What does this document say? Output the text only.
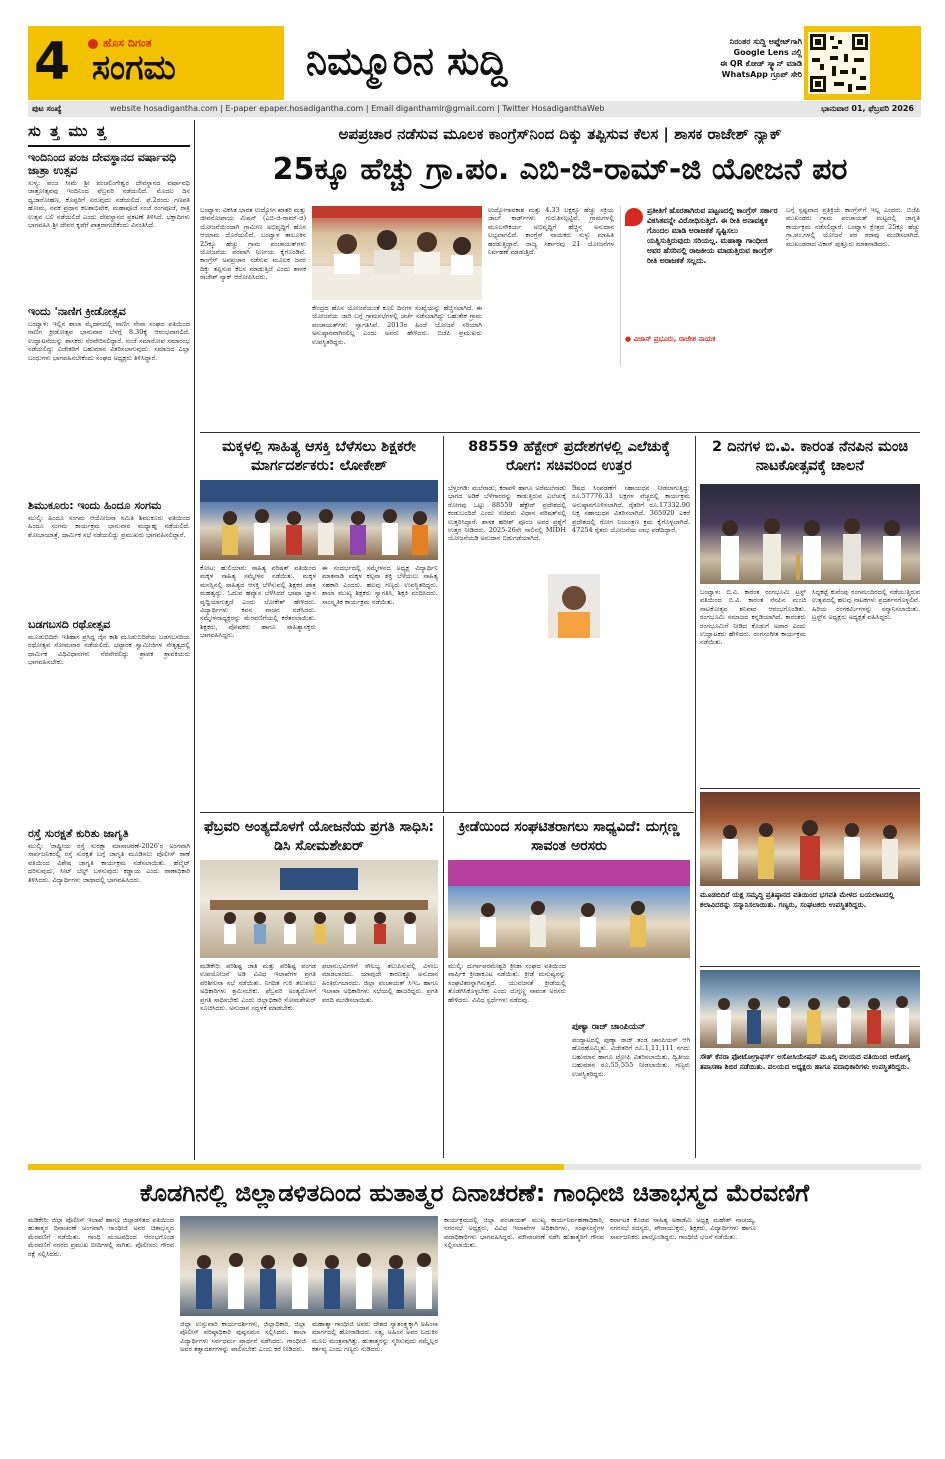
4	ಹೊಸ ದಿಗಂತ
ಸಂಗಮ	ನಿಮ್ಮೂರಿನ ಸುದ್ದಿ	ನಿರಂತರ ಸುದ್ದಿ ಅಪ್ಡೇಟ್‌ಗಾಗಿ
Google Lens ನಲ್ಲಿ
ಈ QR ಕೋಡ್ ಸ್ಕ್ಯಾನ್ ಮಾಡಿ
WhatsApp ಗ್ರೂಪ್ ಸೇರಿ
ಪುಟ ಸಂಖ್ಯೆ	website hosadigantha.com | E-paper epaper.hosadigantha.com | Email diganthamlr@gmail.com | Twitter HosadiganthaWeb	ಭಾನುವಾರ 01, ಫೆಬ್ರವರಿ 2026
ಸು ತ್ತ ಮು ತ್ತ
ಇಂದಿನಿಂದ ಪಂಜ ದೇವಸ್ಥಾನದ ವರ್ಷಾವಧಿ ಜಾತ್ರಾ ಉತ್ಸವ
ಸುಳ್ಯ: ಪಂಜ ಸೀಮೆ ಶ್ರೀ ಪಂಚಲಿಂಗೇಶ್ವರ ದೇವಸ್ಥಾನದ ವರ್ಷಾವಧಿ ಜಾತ್ರೋತ್ಸವವು ಇಂದಿನಿಂದ ಫೆಬ್ರವರಿ ನಡೆಯಲಿದೆ. ಮೊದಲ ದಿನ ಧ್ವಜಾರೋಹಣ, ಕೊಪ್ಪರಿಗೆ ಏರುವುದು ನಡೆಯಲಿದೆ. ಫೆ.2ರಂದು ಗಣಪತಿ ಹೋಮ, ನವಕ ಪ್ರಧಾನ ಕಲಶಾಭಿಷೇಕ, ಮಹಾಪೂಜೆ ಸಂಜೆ ರಂಗಪೂಜೆ, ರಾತ್ರಿ ಉತ್ಸವ ಬಲಿ ನಡೆಯಲಿದೆ ಎಂದು ದೇವಸ್ಥಾನದ ಪ್ರಕಟಣೆ ತಿಳಿಸಿದೆ. ಭಕ್ತಾದಿಗಳು ಭಾಗವಹಿಸಿ ಶ್ರೀ ದೇವರ ಕೃಪೆಗೆ ಪಾತ್ರರಾಗಬೇಕೆಂದು ವಿನಂತಿಸಿದೆ.
ಇಂದು 'ನಾಣಿಗ ಕ್ರೀಡೋತ್ಸವ
ಬಂಟ್ವಾಳ: ಇಲ್ಲಿನ ಶಾಲಾ ಮೈದಾನದಲ್ಲಿ ನಾಣಿಗ ಸೇವಾ ಸಂಘದ ವತಿಯಿಂದ ನಾಣಿಗ ಕ್ರೀಡೋತ್ಸವ ಭಾನುವಾರ ಬೆಳಗ್ಗೆ 8.30ಕ್ಕೆ ಆರಂಭವಾಗಲಿದೆ. ಉದ್ಘಾಟನೆಯನ್ನು ಶಾಸಕರು ನೆರವೇರಿಸಲಿದ್ದಾರೆ. ಸಂಜೆ ಸಮಾರೋಪ ಸಮಾರಂಭ ನಡೆಯಲಿದ್ದು ವಿಜೇತರಿಗೆ ಬಹುಮಾನ ವಿತರಿಸಲಾಗುವುದು. ಸಮಾಜದ ಎಲ್ಲಾ ಬಂಧುಗಳು ಭಾಗವಹಿಸಬೇಕೆಂದು ಸಂಘದ ಅಧ್ಯಕ್ಷರು ತಿಳಿಸಿದ್ದಾರೆ.
ಶಿಮುಕೂರು: ಇಂದು ಹಿಂದೂ ಸಂಗಮ
ಮುಲ್ಕಿ: ಹಿಂದೂ ಸಂಗಮ ಆಯೋಜನಾ ಸಮಿತಿ ಶಿಮುಕೂರು ವತಿಯಿಂದ ಹಿಂದೂ ಸಂಗಮ ಕಾರ್ಯಕ್ರಮ ಭಾನುವಾರ ಮಧ್ಯಾಹ್ನ ನಡೆಯಲಿದೆ. ಶೋಭಾಯಾತ್ರೆ, ಧಾರ್ಮಿಕ ಸಭೆ ನಡೆಯಲಿದ್ದು ಪ್ರಮುಖರು ಭಾಗವಹಿಸಲಿದ್ದಾರೆ.
ಬಡಗಬಸದಿ ರಥೋತ್ಸವ
ಮೂಡುಬಿದಿರೆ: ಇತಿಹಾಸ ಪ್ರಸಿದ್ಧ ಜೈನ ಕಾಶಿ ಮೂಡುಬಿದಿರೆಯ ಬಡಗಬಸದಿಯ ರಥೋತ್ಸವ ಸೋಮವಾರ ನಡೆಯಲಿದೆ. ಭಟ್ಟಾರಕ ಸ್ವಾಮೀಜಿಗಳ ನೇತೃತ್ವದಲ್ಲಿ ಧಾರ್ಮಿಕ ವಿಧಿವಿಧಾನಗಳು ನೆರವೇರಲಿದ್ದು ಶ್ರಾವಕ ಶ್ರಾವಕಿಯರು ಭಾಗವಹಿಸಬೇಕು.
ರಸ್ತೆ ಸುರಕ್ಷತೆ ಕುರಿತು ಜಾಗೃತಿ
ಮುಲ್ಕಿ: 'ರಾಷ್ಟ್ರೀಯ ರಸ್ತೆ ಸುರಕ್ಷಾ ಮಾಸಾಚರಣೆ-2026'ರ ಅಂಗವಾಗಿ ಸಾರ್ವಜನಿಕರಲ್ಲಿ ರಸ್ತೆ ಸುರಕ್ಷತೆ ಬಗ್ಗೆ ಜಾಗೃತಿ ಮೂಡಿಸಲು ಪೊಲೀಸ್ ಠಾಣೆ ವತಿಯಿಂದ ವಿಶೇಷ ಜಾಗೃತಿ ಕಾರ್ಯಕ್ರಮ ನಡೆಸಲಾಯಿತು. ಹೆಲ್ಮೆಟ್ ಧರಿಸುವುದು, ಸೀಟ್ ಬೆಲ್ಟ್ ಬಳಸುವುದು ಕಡ್ಡಾಯ ಎಂದು ಠಾಣಾಧಿಕಾರಿ ತಿಳಿಸಿದರು. ವಿದ್ಯಾರ್ಥಿಗಳು ಜಾಥಾದಲ್ಲಿ ಭಾಗವಹಿಸಿದರು.
ಅಪಪ್ರಚಾರ ನಡೆಸುವ ಮೂಲಕ ಕಾಂಗ್ರೆಸ್‌ನಿಂದ ದಿಕ್ಕು ತಪ್ಪಿಸುವ ಕೆಲಸ | ಶಾಸಕ ರಾಜೇಶ್ ನ್ಯಾಕ್
25ಕ್ಕೂ ಹೆಚ್ಚು ಗ್ರಾ.ಪಂ. ಎಬಿ-ಜಿ-ರಾಮ್-ಜಿ ಯೋಜನೆ ಪರ
ಬಂಟ್ವಾಳ: ವಿಕಸಿತ ಭಾರತ ಉದ್ಯೋಗ ಖಾತರಿ ಮತ್ತು ಜೀವನೋಪಾಯ ಮಿಷನ್ (ಎಬಿ-ಜಿ-ರಾಮ್-ಜಿ) ಯೋಜನೆಯಿಂದಾಗಿ ಗ್ರಾಮೀಣ ಅಭಿವೃದ್ಧಿಗೆ ಹೊಸ ಆಯಾಮ ದೊರೆಯಲಿದೆ. ಬಂಟ್ವಾಳ ತಾಲೂಕಿನ 25ಕ್ಕೂ ಹೆಚ್ಚು ಗ್ರಾಮ ಪಂಚಾಯತ್‌ಗಳು ಯೋಜನೆಯ ಪರವಾಗಿ ನಿರ್ಣಯ ಕೈಗೊಂಡಿವೆ. ಕಾಂಗ್ರೆಸ್ ಅಪಪ್ರಚಾರ ನಡೆಸುವ ಮೂಲಕ ಜನರ ದಿಕ್ಕು ತಪ್ಪಿಸುವ ಕೆಲಸ ಮಾಡುತ್ತಿದೆ ಎಂದು ಶಾಸಕ ರಾಜೇಶ್ ನ್ಯಾಕ್ ಆರೋಪಿಸಿದರು.
ಕೇಂದ್ರದ ಹೊಸ ಯೋಜನೆಯಂತೆ ಕೂಲಿ ದಿನಗಳ ಸಂಖ್ಯೆಯನ್ನು ಹೆಚ್ಚಿಸಲಾಗಿದೆ. ಈ ಯೋಜನೆಯ ಜಾರಿ ಬಗ್ಗೆ ಗ್ರಾಮಸಭೆಗಳಲ್ಲಿ ಚರ್ಚೆ ನಡೆಸಲಾಗಿದ್ದು ಬಹುತೇಕ ಗ್ರಾಮ ಪಂಚಾಯತ್‌ಗಳು ಸ್ವಾಗತಿಸಿವೆ. 2013ರ ಹಿಂದೆ ಯೋಜನೆ ಸರಿಯಾಗಿ ಅನುಷ್ಠಾನವಾಗಿರಲಿಲ್ಲ ಎಂದು ಅವರು ಹೇಳಿದರು. ಬಿಜೆಪಿ ಪ್ರಮುಖರು ಉಪಸ್ಥಿತರಿದ್ದರು.
ಉದ್ಯೋಗಾವಕಾಶ ಮತ್ತು 4.33 ಲಕ್ಷಕ್ಕೂ ಹೆಚ್ಚು ಸಕ್ರಿಯ ಜಾಬ್ ಕಾರ್ಡ್‌ಗಳು ಗುರುತಿಸಲ್ಪಟ್ಟಿವೆ. ಗ್ರಾಮಗಳಲ್ಲಿ ಮೂಲಸೌಕರ್ಯ ಅಭಿವೃದ್ಧಿಗೆ ಹೆಚ್ಚಿನ ಅನುದಾನ ಲಭ್ಯವಾಗಲಿದೆ. ಕಾಂಗ್ರೆಸ್ ನಾಯಕರು ಸುಳ್ಳು ಮಾಹಿತಿ ಹರಡುತ್ತಿದ್ದಾರೆ. ರಾಜ್ಯ ಸರ್ಕಾರವು 21 ಯೋಜನೆಗಳ ನಿರ್ವಹಣೆ ಮಾಡುತ್ತಿದೆ.
ಪ್ರತೀತಿಗೆ ಹೊರತಾಗಿರುವ ಪಟ್ಟಣದಲ್ಲಿ ಕಾಂಗ್ರೆಸ್ ಸರ್ಕಾರ ವಿಕಸಿತವನ್ನೇ ವಿರೋಧಿಸುತ್ತಿದೆ. ಈ ರೀತಿ ಅನಾವಶ್ಯಕ ಗೊಂದಲ ಮಾಡಿ ಅರಾಜಕತೆ ಸೃಷ್ಟಿಸಲು ಯತ್ನಿಸುತ್ತಿರುವುದು ಸರಿಯಲ್ಲ. ಮಹಾತ್ಮಾ ಗಾಂಧೀಜಿ ಅವರ ಹೆಸರಿನಲ್ಲಿ ರಾಜಕೀಯ ಮಾಡುತ್ತಿರುವ ಕಾಂಗ್ರೆಸ್ ರೀತಿ ಅರಾಜಕತೆ ಸಲ್ಲದು.
● ವಿಜಾನ್ ಪ್ರಭೂರು, ರಾಜೇಶ ನಾಯಕ
ಬಗ್ಗೆ ಸ್ಪಷ್ಟವಾದ ಪ್ರತಿಕ್ರಿಯೆ ಕಾಂಗ್ರೆಸ್‌ಗೆ ಇಲ್ಲ ಎಂದರು. ಬಿಜೆಪಿ ಮುಖಂಡರು ಗ್ರಾಮ ಪಂಚಾಯತ್ ಮಟ್ಟದಲ್ಲಿ ಜಾಗೃತಿ ಕಾರ್ಯಕ್ರಮ ನಡೆಸಲಿದ್ದಾರೆ. ಬಂಟ್ವಾಳ ಕ್ಷೇತ್ರದ 25ಕ್ಕೂ ಹೆಚ್ಚು ಗ್ರಾ.ಪಂ.ಗಳಲ್ಲಿ ಯೋಜನೆ ಪರ ಠರಾವು ಮಂಡಿಸಲಾಗಿದೆ. ಮುಖಂಡರಾದ ವಿಕಾಸ್ ಪುತ್ತೂರು ಮಾತನಾಡಿದರು.
ಮಕ್ಕಳಲ್ಲಿ ಸಾಹಿತ್ಯ ಆಸಕ್ತಿ ಬೆಳೆಸಲು ಶಿಕ್ಷಕರೇ ಮಾರ್ಗದರ್ಶಕರು: ಲೋಕೇಶ್
ಕೋಟ: ಹುಲಿಯಾರು ಸಾಹಿತ್ಯ ಪರಿಷತ್ ವತಿಯಿಂದ ಮಕ್ಕಳ ಸಾಹಿತ್ಯ ಸಮ್ಮೇಳನ ನಡೆಯಿತು. ಮಕ್ಕಳ ಮನಸ್ಸಿನಲ್ಲಿ ಸಾಹಿತ್ಯದ ಆಸಕ್ತಿ ಬೆಳೆಸುವಲ್ಲಿ ಶಿಕ್ಷಕರ ಪಾತ್ರ ಮಹತ್ವದ್ದು. ಓದುವ ಹವ್ಯಾಸ ಬೆಳೆಸಿದರೆ ಭಾಷಾ ಜ್ಞಾನ ವೃದ್ಧಿಯಾಗುತ್ತದೆ ಎಂದು ಲೋಕೇಶ್ ಹೇಳಿದರು. ವಿದ್ಯಾರ್ಥಿಗಳು ಕವನ ವಾಚನ ನಡೆಸಿದರು. ಸಮ್ಮೇಳನಾಧ್ಯಕ್ಷರನ್ನು ಮೆರವಣಿಗೆಯಲ್ಲಿ ಕರೆತರಲಾಯಿತು. ಶಿಕ್ಷಕರು, ಪೋಷಕರು ಹಾಗೂ ಸಾಹಿತ್ಯಾಸಕ್ತರು ಭಾಗವಹಿಸಿದ್ದರು.
ಈ ಸಂದರ್ಭದಲ್ಲಿ ಸಮ್ಮೇಳನದ ಅಧ್ಯಕ್ಷ ವಿದ್ಯಾರ್ಥಿನಿ ಮಾತನಾಡಿ ಮಕ್ಕಳ ಕಲ್ಪನಾ ಶಕ್ತಿ ಬೆಳೆಯಲು ಸಾಹಿತ್ಯ ಸಹಕಾರಿ ಎಂದರು. ಹಲವು ಗಣ್ಯರು ಉಪಸ್ಥಿತರಿದ್ದರು. ಶಾಲಾ ಮುಖ್ಯ ಶಿಕ್ಷಕರು ಸ್ವಾಗತಿಸಿ, ಶಿಕ್ಷಕಿ ವಂದಿಸಿದರು. ಸಾಂಸ್ಕೃತಿಕ ಕಾರ್ಯಕ್ರಮ ನಡೆಯಿತು.
88559 ಹೆಕ್ಟೇರ್ ಪ್ರದೇಶಗಳಲ್ಲಿ ಎಲೆಚುಕ್ಕೆ ರೋಗ: ಸಚಿವರಿಂದ ಉತ್ತರ
ಬೆಳ್ತಂಗಡಿ: ಮಲೆನಾಡು, ಕರಾವಳಿ ಹಾಗೂ ಅರೆಮಲೆನಾಡು ಭಾಗದ ಅಡಿಕೆ ಬೆಳೆಗಾರರನ್ನು ಕಾಡುತ್ತಿರುವ ಎಲೆಚುಕ್ಕೆ ರೋಗವು ಒಟ್ಟು 88559 ಹೆಕ್ಟೇರ್ ಪ್ರದೇಶದಲ್ಲಿ ಕಂಡುಬಂದಿದೆ ಎಂದು ಸಚಿವರು ವಿಧಾನ ಪರಿಷತ್‌ನಲ್ಲಿ ಉತ್ತರಿಸಿದ್ದಾರೆ. ಶಾಸಕ ಹರೀಶ್ ಪೂಂಜ ಅವರ ಪ್ರಶ್ನೆಗೆ ಉತ್ತರ ನೀಡಿದರು. 2025-26ನೇ ಸಾಲಿನಲ್ಲಿ MIDH ಯೋಜನೆಯಡಿ ಅನುದಾನ ಬಿಡುಗಡೆಯಾಗಿದೆ.
ಔಷಧ ಸಿಂಪಡಣೆಗೆ ಸಹಾಯಧನ ನೀಡಲಾಗುತ್ತಿದ್ದು ರೂ.57776.33 ಲಕ್ಷಗಳ ವೆಚ್ಚದಲ್ಲಿ ಕಾರ್ಯಕ್ರಮ ಅನುಷ್ಠಾನಗೊಳಿಸಲಾಗಿದೆ. ರೈತರಿಗೆ ರೂ.17332.90 ಲಕ್ಷ ಸಹಾಯಧನ ವಿತರಿಸಲಾಗಿದೆ. 365920 ಎಕರೆ ಪ್ರದೇಶದಲ್ಲಿ ರೋಗ ನಿಯಂತ್ರಣ ಕ್ರಮ ಕೈಗೊಳ್ಳಲಾಗಿದೆ. 47254 ರೈತರು ಯೋಜನೆಯ ಲಾಭ ಪಡೆದಿದ್ದಾರೆ.
2 ದಿನಗಳ ಬಿ.ವಿ. ಕಾರಂತ ನೆನಪಿನ ಮಂಚಿ ನಾಟಕೋತ್ಸವಕ್ಕೆ ಚಾಲನೆ
ಬಂಟ್ವಾಳ: ಬಿ.ವಿ. ಕಾರಂತ ರಂಗಭೂಮಿ ಟ್ರಸ್ಟ್ ವತಿಯಿಂದ ಬಿ.ವಿ. ಕಾರಂತ ನೆನಪಿನ ಮಂಚಿ ನಾಟಕೋತ್ಸವ ಶನಿವಾರ ಆರಂಭಗೊಂಡಿತು. ರಂಗಭೂಮಿ ಸಮಾಜದ ಕನ್ನಡಿಯಾಗಿದೆ. ಕಾರಂತರು ರಂಗಭೂಮಿಗೆ ನೀಡಿದ ಕೊಡುಗೆ ಅಪಾರ ಎಂದು ಉದ್ಘಾಟಕರು ಹೇಳಿದರು. ರಂಗಸಂಗೀತ ಕಾರ್ಯಕ್ರಮ ನಡೆಯಿತು.
ಸಿದ್ದಕಟ್ಟೆ ಕುವೆಂಪು ರಂಗಮಂದಿರದಲ್ಲಿ ನಡೆಯುತ್ತಿರುವ ಉತ್ಸವದಲ್ಲಿ ಹಲವು ನಾಟಕಗಳು ಪ್ರದರ್ಶನಗೊಳ್ಳಲಿವೆ. ಹಿರಿಯ ರಂಗಕರ್ಮಿಗಳನ್ನು ಸನ್ಮಾನಿಸಲಾಯಿತು. ಟ್ರಸ್ಟ್‌ನ ಅಧ್ಯಕ್ಷರು ಅಧ್ಯಕ್ಷತೆ ವಹಿಸಿದ್ದರು.
ಫೆಬ್ರವರಿ ಅಂತ್ಯದೊಳಗೆ ಯೋಜನೆಯ ಪ್ರಗತಿ ಸಾಧಿಸಿ: ಡಿಸಿ ಸೋಮಶೇಖರ್
ಮಡಿಕೇರಿ: ಪರಿಶಿಷ್ಟ ಜಾತಿ ಮತ್ತು ಪರಿಶಿಷ್ಟ ಪಂಗಡ ಉಪಯೋಜನೆ ಅಡಿ ವಿವಿಧ ಇಲಾಖೆಗಳ ಪ್ರಗತಿ ಪರಿಶೀಲನಾ ಸಭೆ ನಡೆಯಿತು. ನಿಗದಿತ ಗುರಿ ತಲುಪಲು ಅಧಿಕಾರಿಗಳು ಶ್ರಮಿಸಬೇಕು. ಫೆಬ್ರವರಿ ಅಂತ್ಯದೊಳಗೆ ಪ್ರಗತಿ ಸಾಧಿಸಬೇಕು ಎಂದು ಜಿಲ್ಲಾಧಿಕಾರಿ ಸೋಮಶೇಖರ್ ಸೂಚಿಸಿದರು. ಅನುದಾನ ಸದ್ಬಳಕೆ ಮಾಡಬೇಕು.
ಫಲಾನುಭವಿಗಳಿಗೆ ಸೌಲಭ್ಯ ತಲುಪಿಸುವಲ್ಲಿ ವಿಳಂಬ ಮಾಡಬಾರದು. ಯಾವುದೇ ಕಾರಣಕ್ಕೂ ಅನುದಾನ ಹಿಂತಿರುಗಬಾರದು. ಜಿಲ್ಲಾ ಪಂಚಾಯತ್ ಸಿಇಒ ಹಾಗೂ ಇಲಾಖಾ ಅಧಿಕಾರಿಗಳು ಸಭೆಯಲ್ಲಿ ಹಾಜರಿದ್ದರು. ಪ್ರಗತಿ ವರದಿ ಮಂಡಿಸಲಾಯಿತು.
ಕ್ರೀಡೆಯಿಂದ ಸಂಘಟಿತರಾಗಲು ಸಾಧ್ಯವಿದೆ: ದುಗ್ಗಣ್ಣ ಸಾವಂತ ಅರಸರು
ಮುಲ್ಕಿ: ದುರ್ಗಾಪರಮೇಶ್ವರಿ ಕ್ರೀಡಾ ಸಂಘದ ವತಿಯಿಂದ ವಾರ್ಷಿಕ ಕ್ರೀಡಾಕೂಟ ನಡೆಯಿತು. ಕ್ರೀಡೆ ಮನುಷ್ಯನನ್ನು ಸಂಘಟಿತರನ್ನಾಗಿಸುತ್ತದೆ. ಯುವಜನತೆ ಕ್ರೀಡೆಯಲ್ಲಿ ತೊಡಗಿಸಿಕೊಳ್ಳಬೇಕು ಎಂದು ದುಗ್ಗಣ್ಣ ಸಾವಂತ ಅರಸರು ಹೇಳಿದರು. ವಿವಿಧ ಸ್ಪರ್ಧೆಗಳು ನಡೆದವು.
ಪುಣ್ಯಾ ರಾಜ್ ಚಾಂಪಿಯನ್
ಪಂದ್ಯಾಟದಲ್ಲಿ ಪುಣ್ಯಾ ರಾಜ್ ತಂಡ ಚಾಂಪಿಯನ್ ಆಗಿ ಹೊರಹೊಮ್ಮಿತು. ವಿಜೇತರಿಗೆ ರೂ.1,11,111 ನಗದು ಬಹುಮಾನ ಹಾಗೂ ಟ್ರೋಫಿ ವಿತರಿಸಲಾಯಿತು. ದ್ವಿತೀಯ ಬಹುಮಾನ ರೂ.55,555 ನೀಡಲಾಯಿತು. ಗಣ್ಯರು ಉಪಸ್ಥಿತರಿದ್ದರು.
ಮೂಡಬಿದಿರೆ ಯಕ್ಷ ಸಮೃದ್ಧಿ ಪ್ರತಿಷ್ಠಾನದ ವತಿಯಿಂದ ಭಗವತಿ ಮೇಳದ ಬಯಲಾಟದಲ್ಲಿ ಕಲಾವಿದರನ್ನು ಸನ್ಮಾನಿಸಲಾಯಿತು. ಗಣ್ಯರು, ಸಂಘಟಕರು ಉಪಸ್ಥಿತರಿದ್ದರು.
ಸೌತ್ ಕೆನರಾ ಫೋಟೋಗ್ರಾಫರ್ಸ್ ಅಸೋಸಿಯೇಷನ್ ಮೂಲ್ಕಿ ವಲಯದ ವತಿಯಿಂದ ಆರೋಗ್ಯ ತಪಾಸಣಾ ಶಿಬಿರ ನಡೆಯಿತು. ವಲಯದ ಅಧ್ಯಕ್ಷರು ಹಾಗೂ ಪದಾಧಿಕಾರಿಗಳು ಉಪಸ್ಥಿತರಿದ್ದರು.
ಕೊಡಗಿನಲ್ಲಿ ಜಿಲ್ಲಾಡಳಿತದಿಂದ ಹುತಾತ್ಮರ ದಿನಾಚರಣೆ: ಗಾಂಧೀಜಿ ಚಿತಾಭಸ್ಮದ ಮೆರವಣಿಗೆ
ಮಡಿಕೇರಿ: ಜಿಲ್ಲಾ ಪೊಲೀಸ್ ಇಲಾಖೆ ಹಾಗೂ ಜಿಲ್ಲಾಡಳಿತದ ವತಿಯಿಂದ ಹುತಾತ್ಮರ ದಿನಾಚರಣೆ ಅಂಗವಾಗಿ ಗಾಂಧೀಜಿ ಅವರ ಚಿತಾಭಸ್ಮದ ಮೆರವಣಿಗೆ ನಡೆಯಿತು. ಗಾಂಧಿ ಮಂಟಪದಿಂದ ಆರಂಭಗೊಂಡ ಮೆರವಣಿಗೆ ನಗರದ ಪ್ರಮುಖ ಬೀದಿಗಳಲ್ಲಿ ಸಾಗಿತು. ಪೊಲೀಸರು ಗೌರವ ರಕ್ಷೆ ಸಲ್ಲಿಸಿದರು.
ಜಿಲ್ಲಾ ಉಸ್ತುವಾರಿ ಕಾರ್ಯದರ್ಶಿಗಳು, ಜಿಲ್ಲಾಧಿಕಾರಿ, ಜಿಲ್ಲಾ ಪೊಲೀಸ್ ವರಿಷ್ಠಾಧಿಕಾರಿ ಪುಷ್ಪನಮನ ಸಲ್ಲಿಸಿದರು. ಶಾಲಾ ವಿದ್ಯಾರ್ಥಿಗಳು ಸರ್ವಧರ್ಮ ಪ್ರಾರ್ಥನೆ ನಡೆಸಿದರು. ಗಾಂಧೀಜಿ ಅವರ ತತ್ವಾದರ್ಶಗಳನ್ನು ಪಾಲಿಸಬೇಕು ಎಂದು ಕರೆ ನೀಡಿದರು.
ಮಹಾತ್ಮಾ ಗಾಂಧೀಜಿ ಅವರು ದೇಶದ ಸ್ವಾತಂತ್ರ್ಯಕ್ಕಾಗಿ ಅಹಿಂಸಾ ಮಾರ್ಗದಲ್ಲಿ ಹೋರಾಡಿದರು. ಸತ್ಯ, ಅಹಿಂಸೆ ಅವರ ಬದುಕಿನ ಮೂಲ ಮಂತ್ರವಾಗಿತ್ತು. ಹುತಾತ್ಮರನ್ನು ಸ್ಮರಿಸುವುದು ನಮ್ಮೆಲ್ಲರ ಕರ್ತವ್ಯ ಎಂದು ಗಣ್ಯರು ನುಡಿದರು.
ಕಾರ್ಯಕ್ರಮದಲ್ಲಿ ಜಿಲ್ಲಾ ಪಂಚಾಯತ್ ಮುಖ್ಯ ಕಾರ್ಯನಿರ್ವಹಣಾಧಿಕಾರಿ, ನಗರಸಭೆ ಅಧ್ಯಕ್ಷರು, ವಿವಿಧ ಇಲಾಖೆಗಳ ಅಧಿಕಾರಿಗಳು, ಸಂಘಸಂಸ್ಥೆಗಳ ಪದಾಧಿಕಾರಿಗಳು ಭಾಗವಹಿಸಿದ್ದರು. ಮೌನಾಚರಣೆ ನಡೆಸಿ ಹುತಾತ್ಮರಿಗೆ ಗೌರವ ಸಲ್ಲಿಸಲಾಯಿತು.
ಕರ್ನಾಟಕ ಕೊಡವ ಸಾಹಿತ್ಯ ಅಕಾಡೆಮಿ ಅಧ್ಯಕ್ಷ ಮಹೇಶ್ ನಾಚಯ್ಯ, ನಗರಸಭೆ ಸದಸ್ಯರು, ಪೌರಾಯುಕ್ತರು, ಶಿಕ್ಷಕರು, ವಿದ್ಯಾರ್ಥಿಗಳು ಹಾಗೂ ಸಾರ್ವಜನಿಕರು ಪಾಲ್ಗೊಂಡಿದ್ದರು. ಗಾಂಧೀಜಿ ಭಜನೆ ನಡೆಯಿತು.
